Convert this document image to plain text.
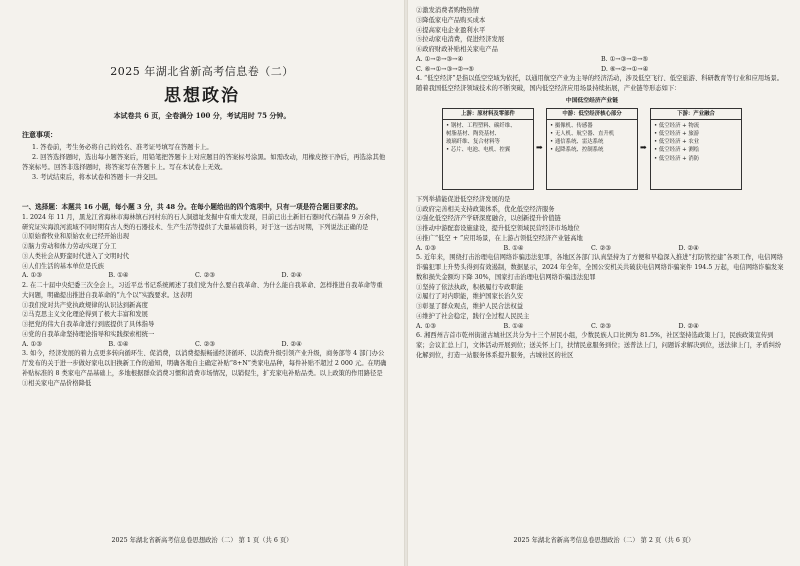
2025 年湖北省新高考信息卷（二）
思想政治
本试卷共 6 页，全卷满分 100 分，考试用时 75 分钟。
注意事项：

1. 答卷前，考生务必将自己的姓名、准考证号填写在答题卡上。

2. 回答选择题时，选出每小题答案后，用铅笔把答题卡上对应题目的答案标号涂黑。如需改动，用橡皮擦干净后，再选涂其他答案标号。回答非选择题时，将答案写在答题卡上。写在本试卷上无效。

3. 考试结束后，将本试卷和答题卡一并交回。

一、选择题：本题共 16 小题，每小题 3 分，共 48 分。在每小题给出的四个选项中，只有一项是符合题目要求的。

1. 2024 年 11 月，黑龙江省海林市海林镇石河村东的石人洞遗址发掘中有重大发现，目前已出土新旧石器时代石制品 9 万余件，研究证实海浪河流域不同时期有古人类的石器技术、生产生活等提供了大量基础资料，对于这一远古时期，下列说法正确的是

①原始畜牧业和原始农业已经开始出现

②脑力劳动和体力劳动实现了分工

③人类社会从野蛮时代进入了文明时代

④人们生活的基本单位是氏族

A. ①③	B. ①④	C. ②③	D. ②④

2. 在二十届中央纪委三次全会上，习近平总书记系统阐述了我们党为什么要自我革命、为什么能自我革命、怎样推进自我革命等重大问题，明确提出推进自我革命的“九个以”实践要求。这表明

①我们党对共产党执政规律的认识达到新高度

②马克思主义文化理论得到了极大丰富和发展

③把党的伟大自我革命进行到底提供了具体指导

④党的自我革命坚持理论指导和实践探索相统一

A. ①③	B. ①④	C. ②③	D. ②④

3. 如今，经济发展的着力点更多转向循环生、促消费，以消费提振畅通经济循环、以消费升级引领产业升级，商务部等 4 部门办公厅发布的关于进一步做好家电以旧换新工作的通知，明确各地自主确定补贴“8+N”类家电品种，每件补贴不超过 2 000 元。在明确补贴标准的 8 类家电产品基础上，多地根据群众消费习惯和消费市场情况，以销促生，扩充家电补贴品类。以上政策的作用路径是

①相关家电产品价格降低

2025 年湖北省新高考信息卷思想政治（二） 第 1 页（共 6 页）

②激发消费者购物热情

③降低家电产品购买成本

④提高家电企业盈利水平

⑤拉动家电消费，促进经济发展

⑥政府财政补贴相关家电产品

A. ①→②→③→④	B. ①→③→②→⑤
C. ⑥→①→③→②→⑤	D. ⑥→②→①→④

4. “低空经济”是指以低空空域为依托，以通用航空产业为主导的经济活动，涉及低空飞行、低空旅游、科研教育等行业和应用场景。随着我国低空经济领域技术的不断突破，国内低空经济应用场景持续拓展，产业链等形态如下：

中国低空经济产业链
上游：原材料及零部件
• 钢材、工程塑料、碳纤维、
树脂基材、陶瓷基材、
玻璃纤维、复合材料等
• 芯片、电池、电机、控翼	➡
中游：低空经济核心部分
• 摄像机、传感器
• 无人机、航空器、直升机
• 通信系统、雷达系统
• 起降系统、控制系统	➡
下游：产业融合
• 低空经济 + 物流
• 低空经济 + 旅游
• 低空经济 + 农业
• 低空经济 + 测绘
• 低空经济 + 消防

下列举措能促进低空经济发展的是

①政府完善相关支持政策体系，优化低空经济服务

②强化低空经济产学研深度融合，以创新提升价值链

③推动中游配套设施建设，提升低空领域民营经济市场地位

④推广“低空 + ”应用场景，在上游占领低空经济产业链高地

A. ①③	B. ①④	C. ②③	D. ②④

5. 近年来，围绕打击治理电信网络诈骗违法犯罪，各地区各部门认真坚持为了方便和早稳深入推进“打防管控建”各项工作，电信网络诈骗犯罪上升势头得到有效遏制，数据显示，2024 年全年，全国公安机关共破获电信网络诈骗案件 194.5 万起，电信网络诈骗发案数和损失金额均下降 30%，国家打击治理电信网络诈骗违法犯罪

①坚持了依法执政，积极履行专政职能

②履行了对内职能，维护国家长治久安

③彰显了群众观点，维护人民合法权益

④维护了社会稳定，践行全过程人民民主

A. ①③	B. ①④	C. ②③	D. ②④

6. 湘西州吉首市乾州街道古城社区共分为十三个居民小组，少数民族人口比例为 81.5%，社区坚持选政策上门，民族政策宣传到家；会议汇总上门，文体活动开展到位；送关怀上门，扶情民意服务到位；送普法上门，问题诉求解决到位，送法律上门，矛盾纠纷化解到位，打造一站服务体系提升服务，古城社区的社区

2025 年湖北省新高考信息卷思想政治（二） 第 2 页（共 6 页）
